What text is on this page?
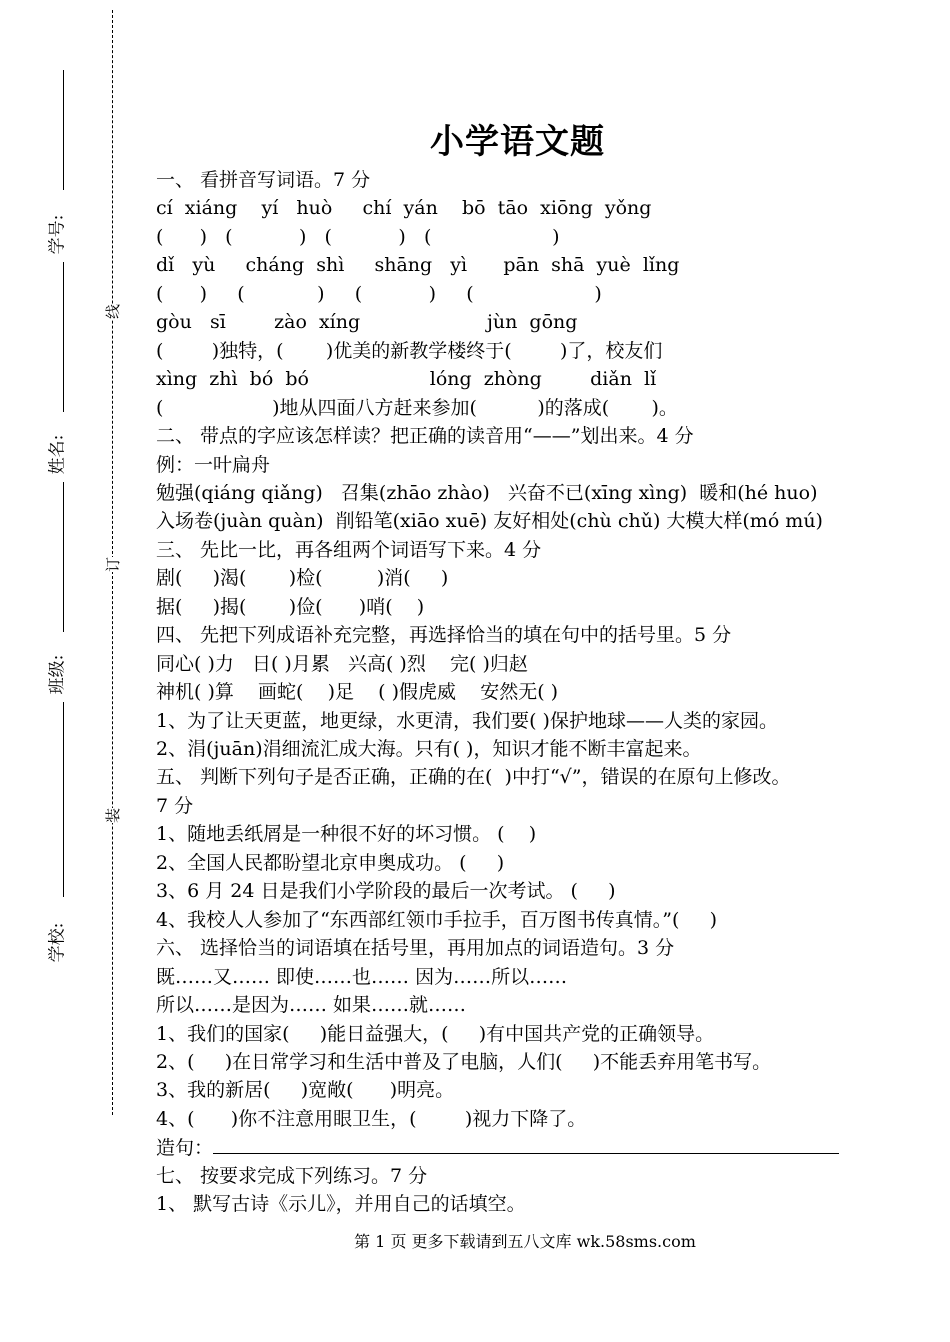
学号:
姓名:
班级:
学校:
线
订
装
小学语文题
一、 看拼音写词语。7 分
cí  xiáng    yí   huò     chí  yán    bō  tāo  xiōng  yǒng
(      )   (           )   (           )   (                    )
dǐ   yù     cháng  shì     shāng   yì      pān  shā  yuè  lǐng
(      )     (            )     (           )     (                    )
gòu   sī        zào  xíng                     jùn  gōng
(        )独特，(       )优美的新教学楼终于(        )了，校友们
xìng  zhì  bó  bó                    lóng  zhòng        diǎn  lǐ
(                  )地从四面八方赶来参加(          )的落成(       )。
二、 带点的字应该怎样读？把正确的读音用“——”划出来。4 分
例：一叶扁舟
勉强(qiáng qiǎng)   召集(zhāo zhào)   兴奋不已(xīng xìng)  暖和(hé huo)
入场卷(juàn quàn)  削铅笔(xiāo xuē) 友好相处(chù chǔ) 大模大样(mó mú)
三、 先比一比，再各组两个词语写下来。4 分
剧(     )渴(       )检(         )消(     )
据(     )揭(       )俭(      )哨(    )
四、 先把下列成语补充完整，再选择恰当的填在句中的括号里。5 分
同心( )力   日( )月累   兴高( )烈    完( )归赵
神机( )算    画蛇(    )足    ( )假虎威    安然无( )
1、为了让天更蓝，地更绿，水更清，我们要( )保护地球——人类的家园。
2、涓(juān)涓细流汇成大海。只有( )，知识才能不断丰富起来。
五、 判断下列句子是否正确，正确的在(  )中打“√”，错误的在原句上修改。
7 分
1、随地丢纸屑是一种很不好的坏习惯。 (    )
2、全国人民都盼望北京申奥成功。 (     )
3、6 月 24 日是我们小学阶段的最后一次考试。 (     )
4、我校人人参加了“东西部红领巾手拉手，百万图书传真情。”(     )
六、 选择恰当的词语填在括号里，再用加点的词语造句。3 分
既……又…… 即使……也…… 因为……所以……
所以……是因为…… 如果……就……
1、我们的国家(     )能日益强大，(     )有中国共产党的正确领导。
2、(     )在日常学习和生活中普及了电脑，人们(     )不能丢弃用笔书写。
3、我的新居(     )宽敞(      )明亮。
4、(      )你不注意用眼卫生，(        )视力下降了。
造句：
七、 按要求完成下列练习。7 分
1、 默写古诗《示儿》，并用自己的话填空。
第 1 页 更多下载请到五八文库 wk.58sms.com
